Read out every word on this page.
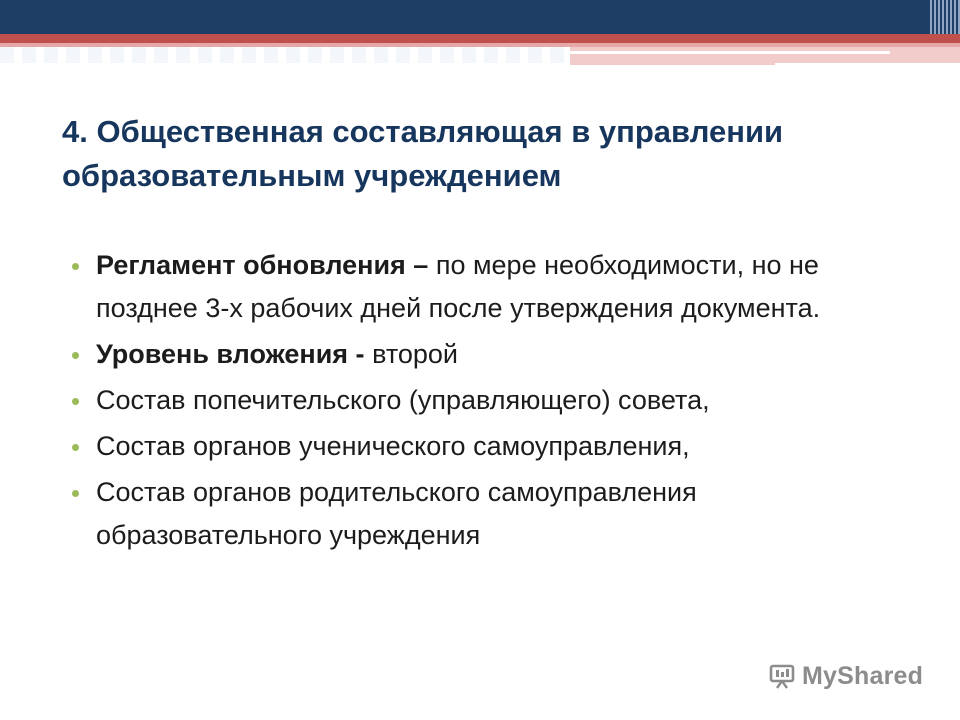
4. Общественная составляющая в управлении образовательным учреждением
Регламент обновления – по мере необходимости, но не позднее 3-х рабочих дней после утверждения документа.
Уровень вложения - второй
Состав попечительского (управляющего) совета,
Состав органов ученического самоуправления,
Состав органов родительского самоуправления образовательного учреждения
MyShared
